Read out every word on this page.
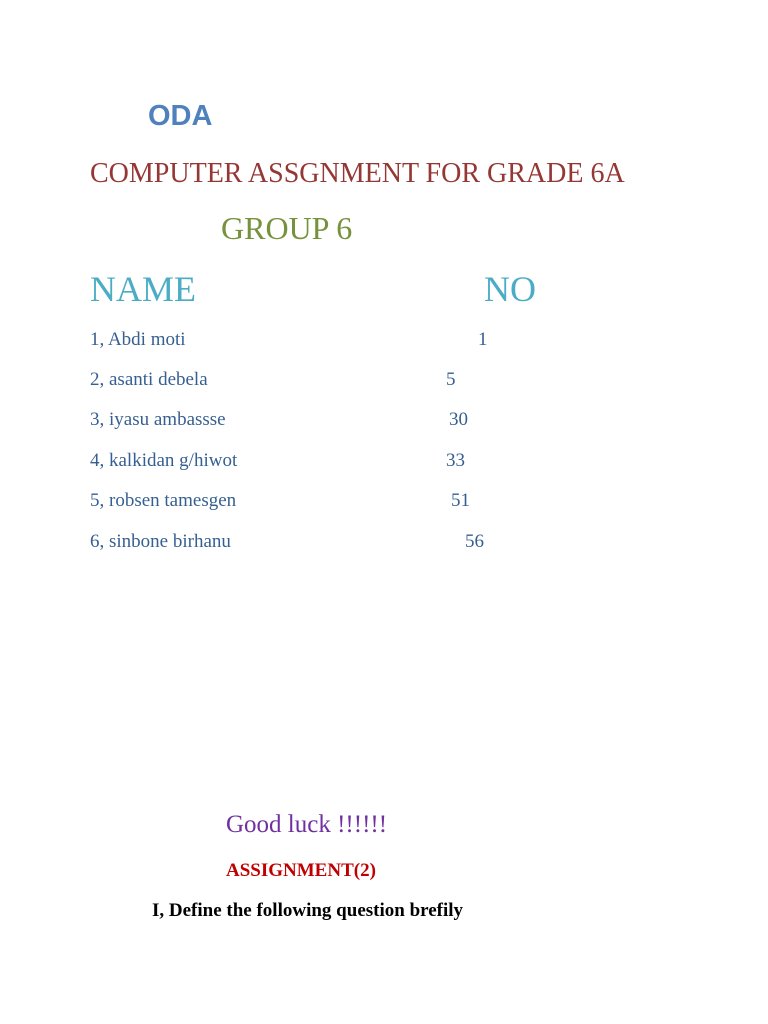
ODA
COMPUTER ASSGNMENT FOR GRADE 6A
GROUP 6
NAME	NO
1, Abdi moti	1
2, asanti debela	5
3, iyasu ambassse	30
4, kalkidan g/hiwot	33
5, robsen tamesgen	51
6, sinbone birhanu	56
Good luck !!!!!!
ASSIGNMENT(2)
I, Define the following question brefily
